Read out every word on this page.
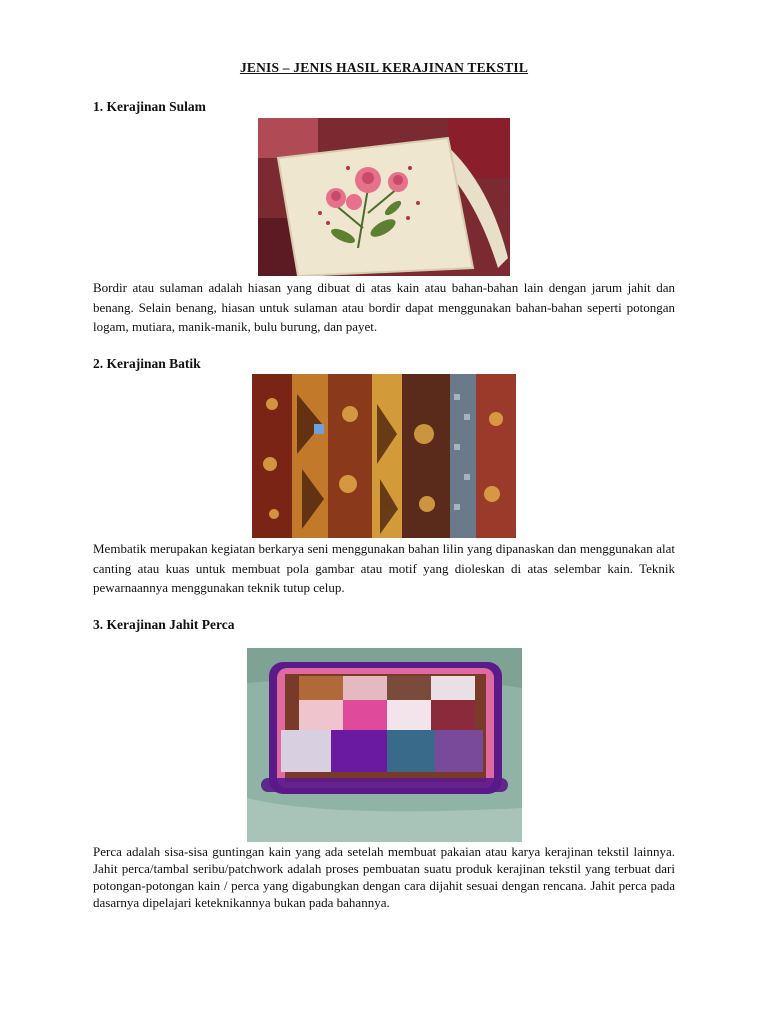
JENIS – JENIS HASIL KERAJINAN TEKSTIL
1. Kerajinan Sulam

Bordir atau sulaman adalah hiasan yang dibuat di atas kain atau bahan-bahan lain dengan jarum jahit dan benang. Selain benang, hiasan untuk sulaman atau bordir dapat menggunakan bahan-bahan seperti potongan logam, mutiara, manik-manik, bulu burung, dan payet.

2. Kerajinan Batik

Membatik merupakan kegiatan berkarya seni menggunakan bahan lilin yang dipanaskan dan menggunakan alat canting atau kuas untuk membuat pola gambar atau motif yang dioleskan di atas selembar kain. Teknik pewarnaannya menggunakan teknik tutup celup.

3. Kerajinan Jahit Perca

Perca adalah sisa-sisa guntingan kain yang ada setelah membuat pakaian atau karya kerajinan tekstil lainnya. Jahit perca/tambal seribu/patchwork adalah proses pembuatan suatu produk kerajinan tekstil yang terbuat dari potongan-potongan kain / perca yang digabungkan dengan cara dijahit sesuai dengan rencana. Jahit perca pada dasarnya dipelajari keteknikannya bukan pada bahannya.
